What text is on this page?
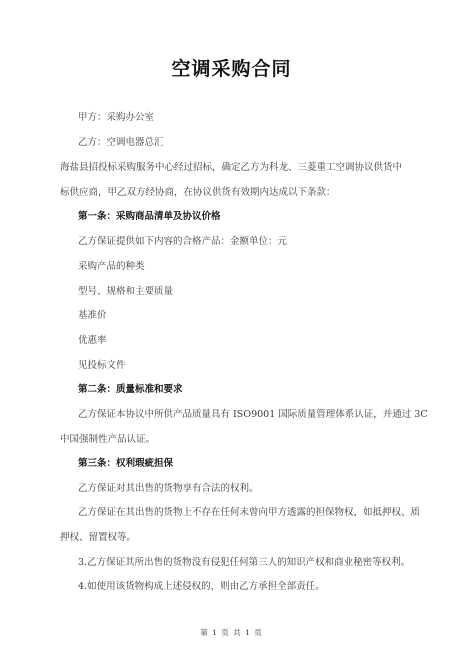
空调采购合同
甲方：采购办公室
乙方：空调电器总汇
海盐县招投标采购服务中心经过招标，确定乙方为科龙、三菱重工空调协议供货中
标供应商，甲乙双方经协商，在协议供货有效期内达成以下条款：
第一条：采购商品清单及协议价格
乙方保证提供如下内容的合格产品：金额单位：元
采购产品的种类
型号、规格和主要质量
基准价
优惠率
见投标文件
第二条：质量标准和要求
乙方保证本协议中所供产品质量具有 ISO9001 国际质量管理体系认证，并通过 3C
中国强制性产品认证。
第三条：权利瑕疵担保
乙方保证对其出售的货物享有合法的权利。
乙方保证在其出售的货物上不存在任何未曾向甲方透露的担保物权，如抵押权、质
押权、留置权等。
3.乙方保证其所出售的货物没有侵犯任何第三人的知识产权和商业秘密等权利。
4.如使用该货物构成上述侵权的，则由乙方承担全部责任。
第 1 页 共 1 页
